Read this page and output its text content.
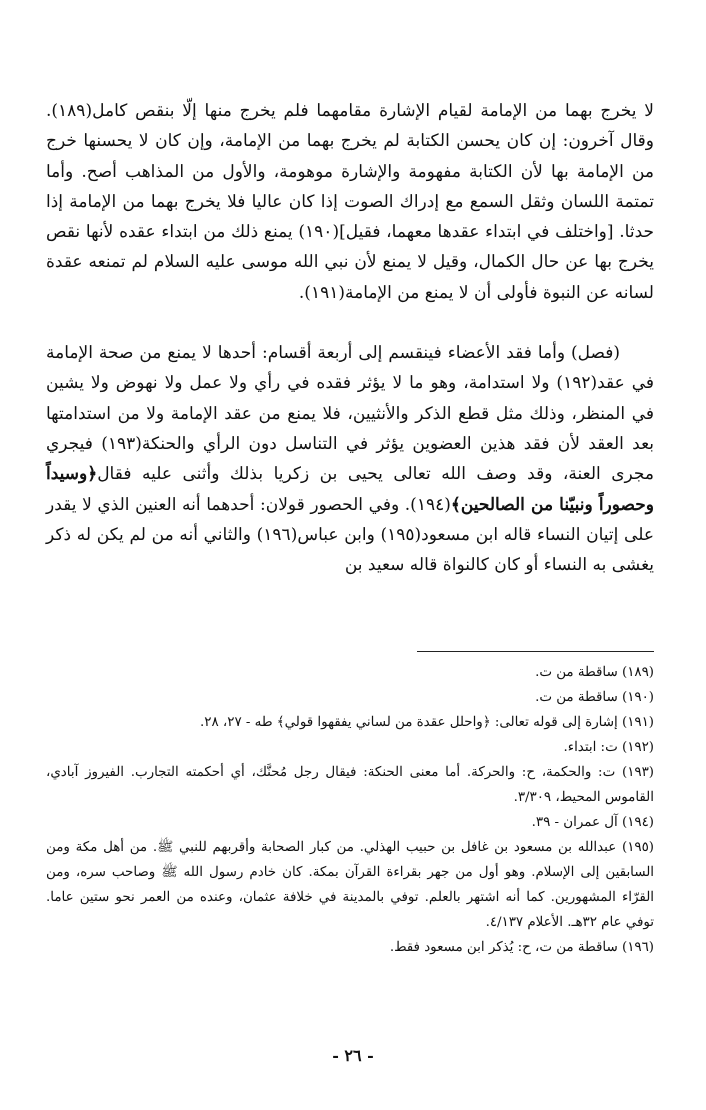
لا يخرج بهما من الإمامة لقيام الإشارة مقامهما فلم يخرج منها إلّا بنقص كامل(١٨٩). وقال آخرون: إن كان يحسن الكتابة لم يخرج بهما من الإمامة، وإن كان لا يحسنها خرج من الإمامة بها لأن الكتابة مفهومة والإشارة موهومة، والأول من المذاهب أصح. وأما تمتمة اللسان وثقل السمع مع إدراك الصوت إذا كان عاليا فلا يخرج بهما من الإمامة إذا حدثا. [واختلف في ابتداء عقدها معهما، فقيل](١٩٠) يمنع ذلك من ابتداء عقده لأنها نقص يخرج بها عن حال الكمال، وقيل لا يمنع لأن نبي الله موسى عليه السلام لم تمنعه عقدة لسانه عن النبوة فأولى أن لا يمنع من الإمامة(١٩١).

(فصل) وأما فقد الأعضاء فينقسم إلى أربعة أقسام: أحدها لا يمنع من صحة الإمامة في عقد(١٩٢) ولا استدامة، وهو ما لا يؤثر فقده في رأي ولا عمل ولا نهوض ولا يشين في المنظر، وذلك مثل قطع الذكر والأنثيين، فلا يمنع من عقد الإمامة ولا من استدامتها بعد العقد لأن فقد هذين العضوين يؤثر في التناسل دون الرأي والحنكة(١٩٣) فيجري مجرى العنة، وقد وصف الله تعالى يحيى بن زكريا بذلك وأثنى عليه فقال﴿وسيداً وحصوراً ونبيّنا من الصالحين﴾(١٩٤). وفي الحصور قولان: أحدهما أنه العنين الذي لا يقدر على إتيان النساء قاله ابن مسعود(١٩٥) وابن عباس(١٩٦) والثاني أنه من لم يكن له ذكر يغشى به النساء أو كان كالنواة قاله سعيد بن

(١٨٩) ساقطة من ت.

(١٩٠) ساقطة من ت.

(١٩١) إشارة إلى قوله تعالى: ﴿واحلل عقدة من لساني يفقهوا قولي﴾ طه - ٢٧، ٢٨.

(١٩٢) ت: ابتداء.

(١٩٣) ت: والحكمة، ح: والحركة. أما معنى الحنكة: فيقال رجل مُحنَّك، أي أحكمته التجارب. الفيروز آبادي، القاموس المحيط، ٣/٣٠٩.

(١٩٤) آل عمران - ٣٩.

(١٩٥) عبدالله بن مسعود بن غافل بن حبيب الهذلي. من كبار الصحابة وأقربهم للنبي ﷺ. من أهل مكة ومن السابقين إلى الإسلام. وهو أول من جهر بقراءة القرآن بمكة. كان خادم رسول الله ﷺ وصاحب سره، ومن القرّاء المشهورين. كما أنه اشتهر بالعلم. توفي بالمدينة في خلافة عثمان، وعنده من العمر نحو ستين عاما. توفي عام ٣٢هـ. الأعلام ٤/١٣٧.

(١٩٦) ساقطة من ت، ح: يُذكر ابن مسعود فقط.

- ٢٦ -
